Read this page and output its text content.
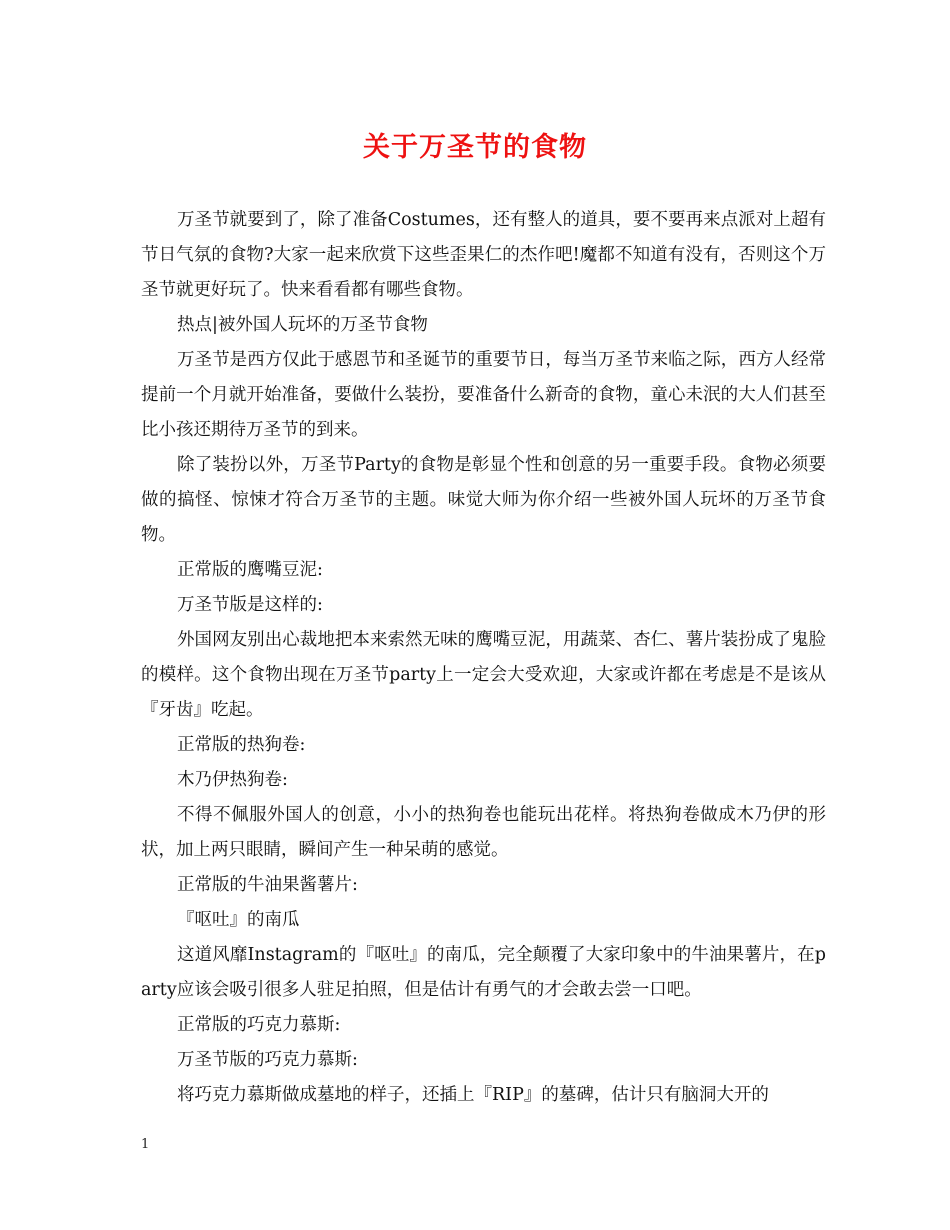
关于万圣节的食物

万圣节就要到了，除了准备Costumes，还有整人的道具，要不要再来点派对上超有节日气氛的食物?大家一起来欣赏下这些歪果仁的杰作吧!魔都不知道有没有，否则这个万圣节就更好玩了。快来看看都有哪些食物。

热点|被外国人玩坏的万圣节食物

万圣节是西方仅此于感恩节和圣诞节的重要节日，每当万圣节来临之际，西方人经常提前一个月就开始准备，要做什么装扮，要准备什么新奇的食物，童心未泯的大人们甚至比小孩还期待万圣节的到来。

除了装扮以外，万圣节Party的食物是彰显个性和创意的另一重要手段。食物必须要做的搞怪、惊悚才符合万圣节的主题。味觉大师为你介绍一些被外国人玩坏的万圣节食物。

正常版的鹰嘴豆泥:

万圣节版是这样的:

外国网友别出心裁地把本来索然无味的鹰嘴豆泥，用蔬菜、杏仁、薯片装扮成了鬼脸的模样。这个食物出现在万圣节party上一定会大受欢迎，大家或许都在考虑是不是该从『牙齿』吃起。

正常版的热狗卷:

木乃伊热狗卷:

不得不佩服外国人的创意，小小的热狗卷也能玩出花样。将热狗卷做成木乃伊的形状，加上两只眼睛，瞬间产生一种呆萌的感觉。

正常版的牛油果酱薯片:

『呕吐』的南瓜

这道风靡Instagram的『呕吐』的南瓜，完全颠覆了大家印象中的牛油果薯片，在party应该会吸引很多人驻足拍照，但是估计有勇气的才会敢去尝一口吧。

正常版的巧克力慕斯:

万圣节版的巧克力慕斯:

将巧克力慕斯做成墓地的样子，还插上『RIP』的墓碑，估计只有脑洞大开的

1
